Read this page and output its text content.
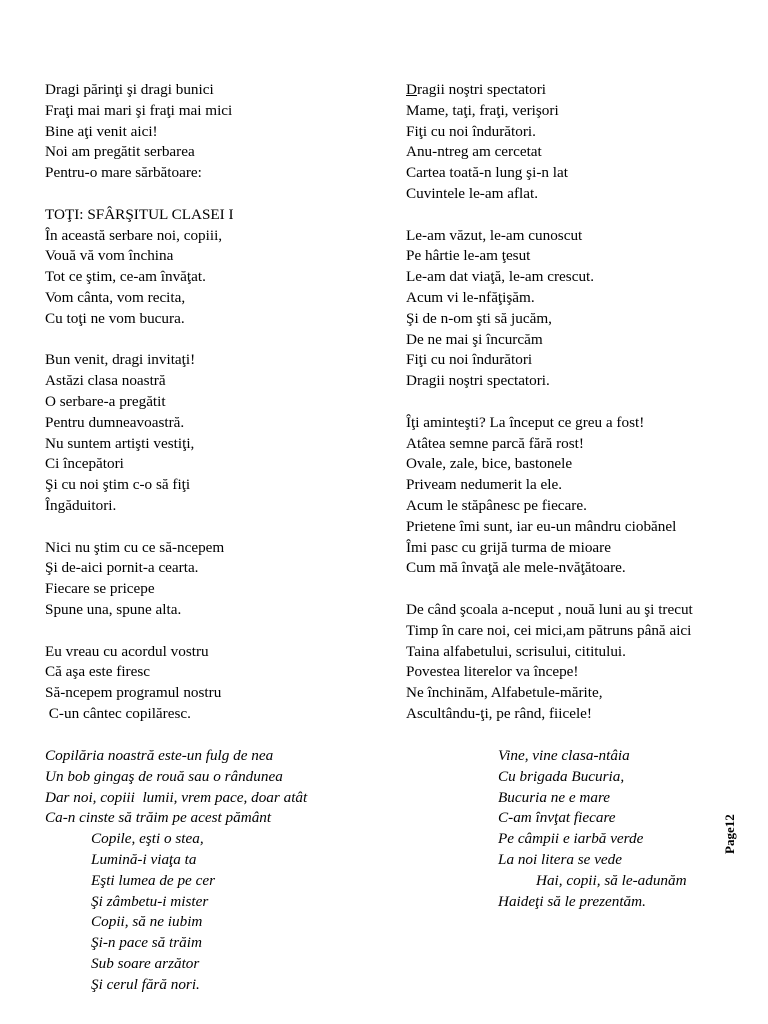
Dragi părinţi şi dragi bunici

Fraţi mai mari şi fraţi mai mici

Bine aţi venit aici!

Noi am pregătit serbarea

Pentru-o mare sărbătoare:

TOŢI: SFÂRŞITUL CLASEI I

În această serbare noi, copiii,

Vouă vă vom închina

Tot ce ştim, ce-am învăţat.

Vom cânta, vom recita,

Cu toţi ne vom bucura.

Bun venit, dragi invitaţi!

Astăzi clasa noastră

O serbare-a pregătit

Pentru dumneavoastră.

Nu suntem artişti vestiţi,

Ci începători

Şi cu noi ştim c-o să fiţi

Îngăduitori.

Nici nu ştim cu ce să-ncepem

Şi de-aici pornit-a cearta.

Fiecare se pricepe

Spune una, spune alta.

Eu vreau cu acordul vostru

Că aşa este firesc

Să-ncepem programul nostru

C-un cântec copilăresc.

Dragii noştri spectatori

Mame, taţi, fraţi, verişori

Fiţi cu noi îndurători.

Anu-ntreg am cercetat

Cartea toată-n lung şi-n lat

Cuvintele le-am aflat.

Le-am văzut, le-am cunoscut

Pe hârtie le-am ţesut

Le-am dat viaţă, le-am crescut.

Acum vi le-nfăţişăm.

Şi de n-om şti să jucăm,

De ne mai şi încurcăm

Fiţi cu noi îndurători

Dragii noştri spectatori.

Îţi aminteşti? La început ce greu a fost!

Atâtea semne parcă fără rost!

Ovale, zale, bice, bastonele

Priveam nedumerit la ele.

Acum le stăpânesc pe fiecare.

Prietene îmi sunt, iar eu-un mândru ciobănel

Îmi pasc cu grijă turma de mioare

Cum mă învaţă ale mele-nvăţătoare.

De când şcoala a-nceput , nouă luni au şi trecut

Timp în care noi, cei mici,am pătruns până aici

Taina alfabetului, scrisului, cititului.

Povestea literelor va începe!

Ne închinăm, Alfabetule-mărite,

Ascultându-ţi, pe rând, fiicele!

Copilăria noastră este-un fulg de nea

Un bob gingaş de rouă sau o rândunea

Dar noi, copiii  lumii, vrem pace, doar atât

Ca-n cinste să trăim pe acest pământ

Copile, eşti o stea,

Lumină-i viaţa ta

Eşti lumea de pe cer

Şi zâmbetu-i mister

Copii, să ne iubim

Şi-n pace să trăim

Sub soare arzător

Şi cerul fără nori.

Vine, vine clasa-ntâia

Cu brigada Bucuria,

Bucuria ne e mare

C-am învţat fiecare

Pe câmpii e iarbă verde

La noi litera se vede

Hai, copii, să le-adunăm

Haideţi să le prezentăm.

Page12
